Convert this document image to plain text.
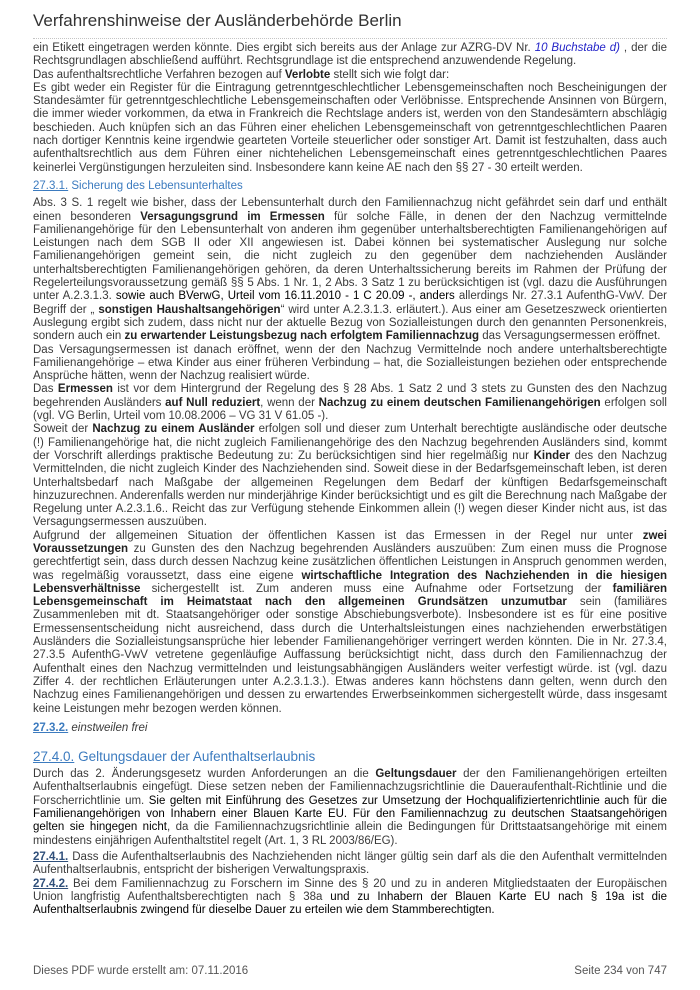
Verfahrenshinweise der Ausländerbehörde Berlin

ein Etikett eingetragen werden könnte. Dies ergibt sich bereits aus der Anlage zur AZRG-DV Nr. 10 Buchstabe d) , der die Rechtsgrundlagen abschließend aufführt. Rechtsgrundlage ist die entsprechend anzuwendende Regelung.

Das aufenthaltsrechtliche Verfahren bezogen auf Verlobte stellt sich wie folgt dar:

Es gibt weder ein Register für die Eintragung getrenntgeschlechtlicher Lebensgemeinschaften noch Bescheinigungen der Standesämter für getrenntgeschlechtliche Lebensgemeinschaften oder Verlöbnisse. Entsprechende Ansinnen von Bürgern, die immer wieder vorkommen, da etwa in Frankreich die Rechtslage anders ist, werden von den Standesämtern abschlägig beschieden. Auch knüpfen sich an das Führen einer ehelichen Lebensgemeinschaft von getrenntgeschlechtlichen Paaren nach dortiger Kenntnis keine irgendwie gearteten Vorteile steuerlicher oder sonstiger Art. Damit ist festzuhalten, dass auch aufenthaltsrechtlich aus dem Führen einer nichtehelichen Lebensgemeinschaft eines getrenntgeschlechtlichen Paares keinerlei Vergünstigungen herzuleiten sind. Insbesondere kann keine AE nach den §§ 27 - 30 erteilt werden.

27.3.1. Sicherung des Lebensunterhaltes

Abs. 3 S. 1 regelt wie bisher, dass der Lebensunterhalt durch den Familiennachzug nicht gefährdet sein darf und enthält einen besonderen Versagungsgrund im Ermessen für solche Fälle, in denen der den Nachzug vermittelnde Familienangehörige für den Lebensunterhalt von anderen ihm gegenüber unterhaltsberechtigten Familienangehörigen auf Leistungen nach dem SGB II oder XII angewiesen ist. Dabei können bei systematischer Auslegung nur solche Familienangehörigen gemeint sein, die nicht zugleich zu den gegenüber dem nachziehenden Ausländer unterhaltsberechtigten Familienangehörigen gehören, da deren Unterhaltssicherung bereits im Rahmen der Prüfung der Regelerteilungsvoraussetzung gemäß §§ 5 Abs. 1 Nr. 1, 2 Abs. 3 Satz 1 zu berücksichtigen ist (vgl. dazu die Ausführungen unter A.2.3.1.3. sowie auch BVerwG, Urteil vom 16.11.2010 - 1 C 20.09 -, anders allerdings Nr. 27.3.1 AufenthG-VwV. Der Begriff der „ sonstigen Haushaltsangehörigen“ wird unter A.2.3.1.3. erläutert.). Aus einer am Gesetzeszweck orientierten Auslegung ergibt sich zudem, dass nicht nur der aktuelle Bezug von Sozialleistungen durch den genannten Personenkreis, sondern auch ein zu erwartender Leistungsbezug nach erfolgtem Familiennachzug das Versagungsermessen eröffnet.

Das Versagungsermessen ist danach eröffnet, wenn der den Nachzug Vermittelnde noch andere unterhaltsberechtigte Familienangehörige – etwa Kinder aus einer früheren Verbindung – hat, die Sozialleistungen beziehen oder entsprechende Ansprüche hätten, wenn der Nachzug realisiert würde.

Das Ermessen ist vor dem Hintergrund der Regelung des § 28 Abs. 1 Satz 2 und 3 stets zu Gunsten des den Nachzug begehrenden Ausländers auf Null reduziert, wenn der Nachzug zu einem deutschen Familienangehörigen erfolgen soll (vgl. VG Berlin, Urteil vom 10.08.2006 – VG 31 V 61.05 -).

Soweit der Nachzug zu einem Ausländer erfolgen soll und dieser zum Unterhalt berechtigte ausländische oder deutsche (!) Familienangehörige hat, die nicht zugleich Familienangehörige des den Nachzug begehrenden Ausländers sind, kommt der Vorschrift allerdings praktische Bedeutung zu: Zu berücksichtigen sind hier regelmäßig nur Kinder des den Nachzug Vermittelnden, die nicht zugleich Kinder des Nachziehenden sind. Soweit diese in der Bedarfsgemeinschaft leben, ist deren Unterhaltsbedarf nach Maßgabe der allgemeinen Regelungen dem Bedarf der künftigen Bedarfsgemeinschaft hinzuzurechnen. Anderenfalls werden nur minderjährige Kinder berücksichtigt und es gilt die Berechnung nach Maßgabe der Regelung unter A.2.3.1.6.. Reicht das zur Verfügung stehende Einkommen allein (!) wegen dieser Kinder nicht aus, ist das Versagungsermessen auszuüben.

Aufgrund der allgemeinen Situation der öffentlichen Kassen ist das Ermessen in der Regel nur unter zwei Voraussetzungen zu Gunsten des den Nachzug begehrenden Ausländers auszuüben: Zum einen muss die Prognose gerechtfertigt sein, dass durch dessen Nachzug keine zusätzlichen öffentlichen Leistungen in Anspruch genommen werden, was regelmäßig voraussetzt, dass eine eigene wirtschaftliche Integration des Nachziehenden in die hiesigen Lebensverhältnisse sichergestellt ist. Zum anderen muss eine Aufnahme oder Fortsetzung der familiären Lebensgemeinschaft im Heimatstaat nach den allgemeinen Grundsätzen unzumutbar sein (familiäres Zusammenleben mit dt. Staatsangehöriger oder sonstige Abschiebungsverbote). Insbesondere ist es für eine positive Ermessensentscheidung nicht ausreichend, dass durch die Unterhaltsleistungen eines nachziehenden erwerbstätigen Ausländers die Sozialleistungsansprüche hier lebender Familienangehöriger verringert werden könnten. Die in Nr. 27.3.4, 27.3.5 AufenthG-VwV vetretene gegenläufige Auffassung berücksichtigt nicht, dass durch den Familiennachzug der Aufenthalt eines den Nachzug vermittelnden und leistungsabhängigen Ausländers weiter verfestigt würde. ist (vgl. dazu Ziffer 4. der rechtlichen Erläuterungen unter A.2.3.1.3.). Etwas anderes kann höchstens dann gelten, wenn durch den Nachzug eines Familienangehörigen und dessen zu erwartendes Erwerbseinkommen sichergestellt würde, dass insgesamt keine Leistungen mehr bezogen werden können.

27.3.2. einstweilen frei

27.4.0. Geltungsdauer der Aufenthaltserlaubnis

Durch das 2. Änderungsgesetz wurden Anforderungen an die Geltungsdauer der den Familienangehörigen erteilten Aufenthaltserlaubnis eingefügt. Diese setzen neben der Familiennachzugsrichtlinie die Daueraufenthalt-Richtlinie und die Forscherrichtlinie um. Sie gelten mit Einführung des Gesetzes zur Umsetzung der Hochqualifiziertenrichtlinie auch für die Familienangehörigen von Inhabern einer Blauen Karte EU. Für den Familiennachzug zu deutschen Staatsangehörigen gelten sie hingegen nicht, da die Familiennachzugsrichtlinie allein die Bedingungen für Drittstaatsangehörige mit einem mindestens einjährigen Aufenthaltstitel regelt (Art. 1, 3 RL 2003/86/EG).

27.4.1. Dass die Aufenthaltserlaubnis des Nachziehenden nicht länger gültig sein darf als die den Aufenthalt vermittelnden Aufenthaltserlaubnis, entspricht der bisherigen Verwaltungspraxis.

27.4.2. Bei dem Familiennachzug zu Forschern im Sinne des § 20 und zu in anderen Mitgliedstaaten der Europäischen Union langfristig Aufenthaltsberechtigten nach § 38a und zu Inhabern der Blauen Karte EU nach § 19a ist die Aufenthaltserlaubnis zwingend für dieselbe Dauer zu erteilen wie dem Stammberechtigten.

Dieses PDF wurde erstellt am: 07.11.2016	Seite 234 von 747
